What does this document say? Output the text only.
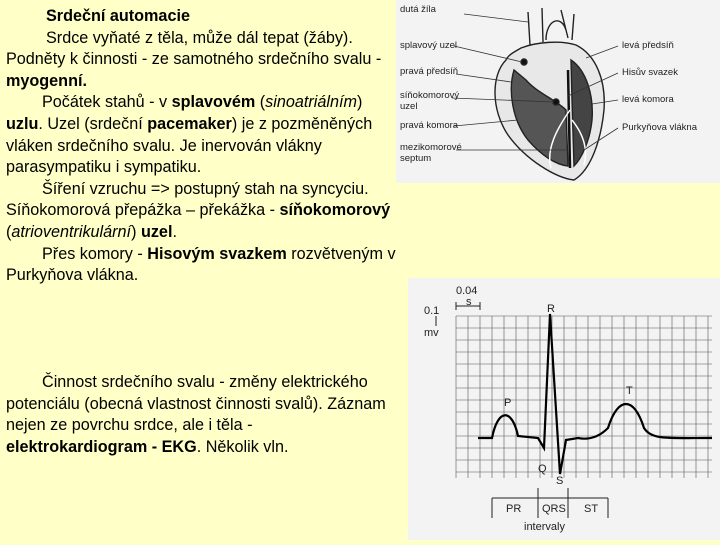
Srdeční automacie

Srdce vyňaté z těla, může dál tepat (žáby). Podněty k činnosti - ze samotného srdečního svalu - myogenní.

Počátek stahů - v splavovém (sinoatriálním) uzlu. Uzel (srdeční pacemaker) je z pozměněných vláken srdečního svalu. Je inervován vlákny parasympatiku i sympatiku.

Šíření vzruchu => postupný stah na syncyciu. Síňokomorová přepážka – překážka - síňokomorový (atrioventrikulární) uzel.

Přes komory - Hisovým svazkem rozvětveným v Purkyňova vlákna.

Činnost srdečního svalu - změny elektrického potenciálu (obecná vlastnost činnosti svalů). Záznam nejen ze povrchu srdce, ale i těla - elektrokardiogram - EKG. Několik vln.

dutá žíla
splavový uzel
pravá předsíň
síňokomorový
uzel
pravá komora
mezikomorové
septum
levá předsíň
Hisův svazek
levá komora
Purkyňova vlákna
0.04
s
0.1
mv
P
Q
R
S
T
PR QRS ST
intervaly
